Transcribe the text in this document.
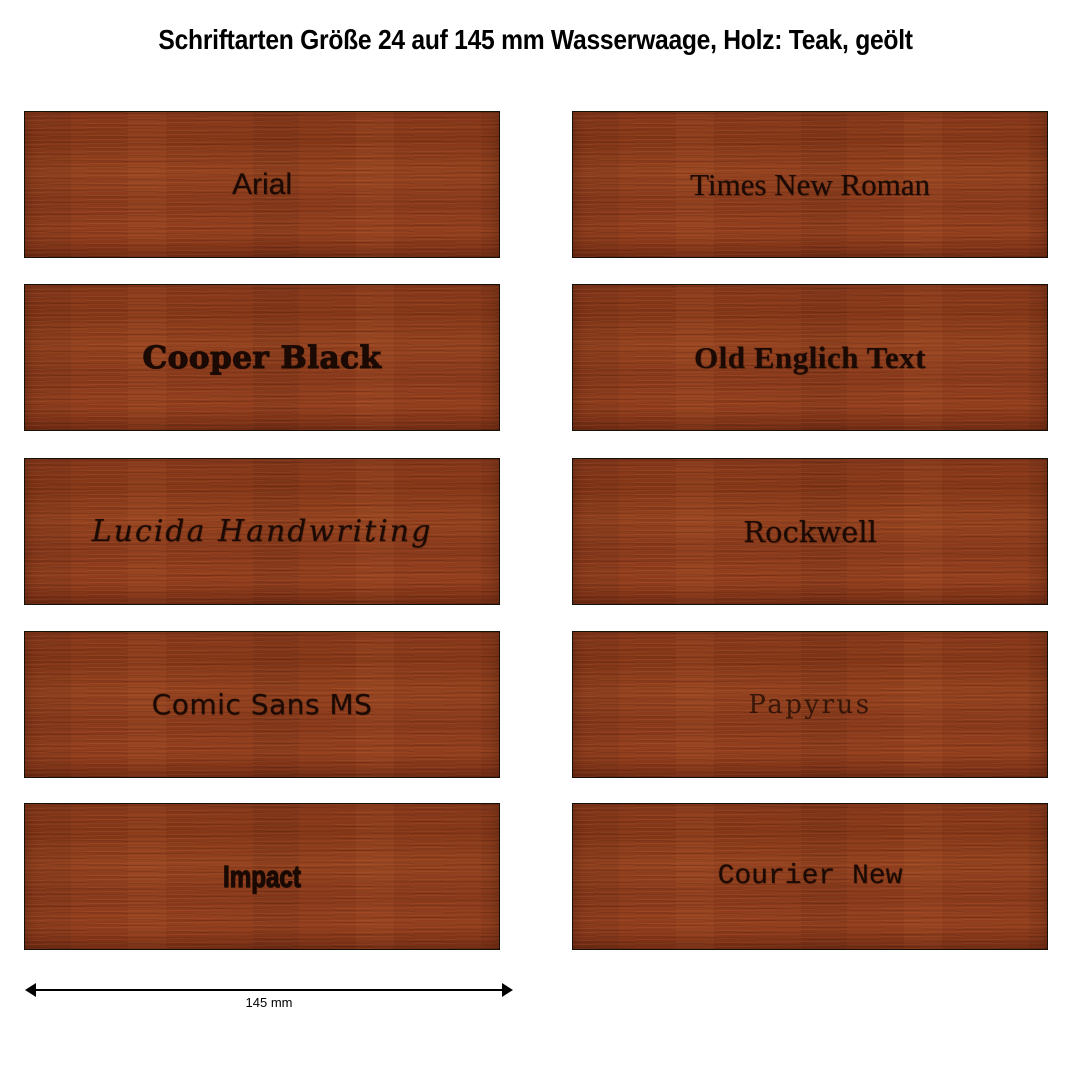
Schriftarten Größe 24 auf 145 mm Wasserwaage, Holz: Teak, geölt
Arial	Times New Roman
Cooper Black	Old Englich Text
Lucida Handwriting	Rockwell
Comic Sans MS	Papyrus
Impact	Courier New
145 mm
